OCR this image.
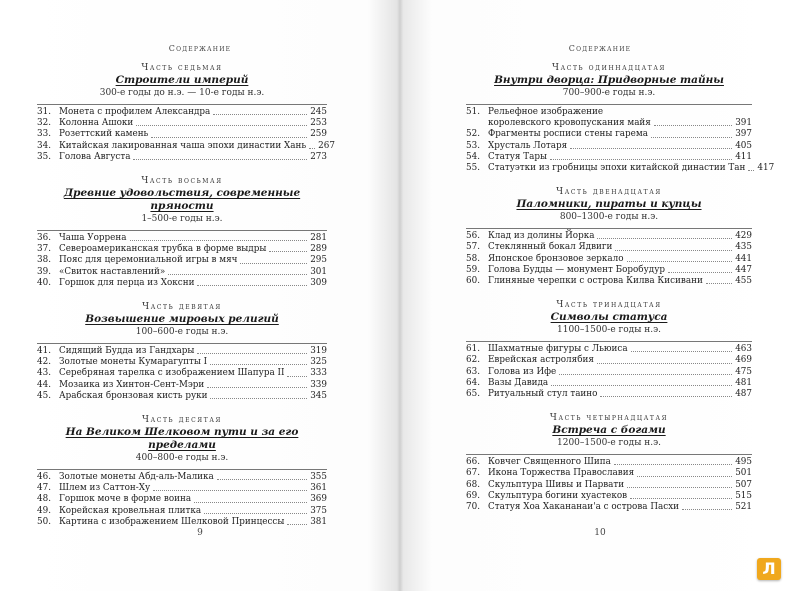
Содержание
Часть седьмая
Строители империй
300-е годы до н.э. — 10-е годы н.э.
31. Монета с профилем Александра	245
32. Колонна Ашоки	253
33. Розеттский камень	259
34. Китайская лакированная чаша эпохи династии Хань 267
35. Голова Августа	273
Часть восьмая
Древние удовольствия, современные пряности
1–500-е годы н.э.
36. Чаша Уоррена	281
37. Североамериканская трубка в форме выдры	289
38. Пояс для церемониальной игры в мяч	295
39. «Свиток наставлений»	301
40. Горшок для перца из Хоксни	309
Часть девятая
Возвышение мировых религий
100–600-е годы н.э.
41. Сидящий Будда из Гандхары	319
42. Золотые монеты Кумарагупты I	325
43. Серебряная тарелка с изображением Шапура II	333
44. Мозаика из Хинтон-Сент-Мэри	339
45. Арабская бронзовая кисть руки	345
Часть десятая
На Великом Шелковом пути и за его пределами
400–800-е годы н.э.
46. Золотые монеты Абд-аль-Малика	355
47. Шлем из Саттон-Ху	361
48. Горшок моче в форме воина	369
49. Корейская кровельная плитка	375
50. Картина с изображением Шелковой Принцессы	381
9
Содержание
Часть одиннадцатая
Внутри дворца: Придворные тайны
700–900-е годы н.э.
51. Рельефное изображение
королевского кровопускания майя	391
52. Фрагменты росписи стены гарема	397
53. Хрусталь Лотаря	405
54. Статуя Тары	411
55. Статуэтки из гробницы эпохи китайской династии Тан 417
Часть двенадцатая
Паломники, пираты и купцы
800–1300-е годы н.э.
56. Клад из долины Йорка	429
57. Стеклянный бокал Ядвиги	435
58. Японское бронзовое зеркало	441
59. Голова Будды — монумент Боробудур	447
60. Глиняные черепки с острова Килва Кисивани	455
Часть тринадцатая
Символы статуса
1100–1500-е годы н.э.
61. Шахматные фигуры с Льюиса	463
62. Еврейская астролябия	469
63. Голова из Ифе	475
64. Вазы Давида	481
65. Ритуальный стул таино	487
Часть четырнадцатая
Встреча с богами
1200–1500-е годы н.э.
66. Ковчег Священного Шипа	495
67. Икона Торжества Православия	501
68. Скульптура Шивы и Парвати	507
69. Скульптура богини хуастеков	515
70. Статуя Хоа Хакананаи'а с острова Пасхи	521
10
Л
